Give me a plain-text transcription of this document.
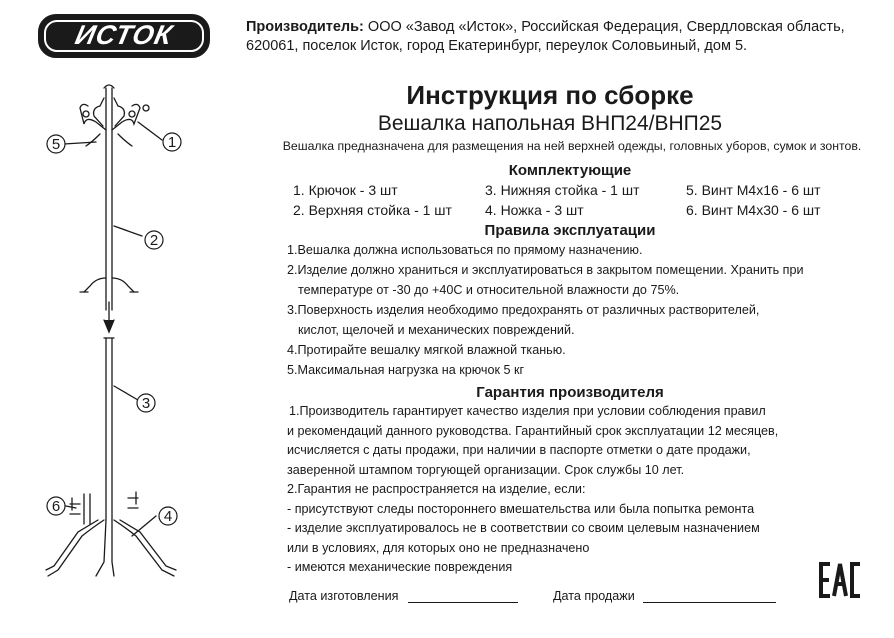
ИСТОК	Производитель: ООО «Завод «Исток», Российская Федерация, Свердловская область,
620061, поселок Исток, город Екатеринбург, переулок Соловьиный, дом 5.
Инструкция по сборке
Вешалка напольная ВНП24/ВНП25
Вешалка предназначена для размещения на ней верхней одежды, головных уборов, сумок и зонтов.
Комплектующие
1. Крючок - 3 шт	3. Нижняя стойка - 1 шт	5. Винт М4х16 - 6 шт
2. Верхняя стойка - 1 шт 4. Ножка - 3 шт	6. Винт М4х30 - 6 шт
Правила эксплуатации
1.Вешалка должна использоваться по прямому назначению.
2.Изделие должно храниться и эксплуатироваться в закрытом помещении. Хранить при
температуре от -30 до +40С и относительной влажности до 75%.
3.Поверхность изделия необходимо предохранять от различных растворителей,
кислот, щелочей и механических повреждений.
4.Протирайте вешалку мягкой влажной тканью.
5.Максимальная нагрузка на крючок 5 кг
Гарантия производителя
1.Производитель гарантирует качество изделия при условии соблюдения правил
и рекомендаций данного руководства. Гарантийный срок эксплуатации 12 месяцев,
исчисляется с даты продажи, при наличии в паспорте отметки о дате продажи,
заверенной штампом торгующей организации. Срок службы 10 лет.
2.Гарантия не распространяется на изделие, если:
- присутствуют следы постороннего вмешательства или была попытка ремонта
- изделие эксплуатировалось не в соответствии со своим целевым назначением
или в условиях, для которых оно не предназначено
- имеются механические повреждения
Дата изготовления	Дата продажи
5	1
2
3
6
4
